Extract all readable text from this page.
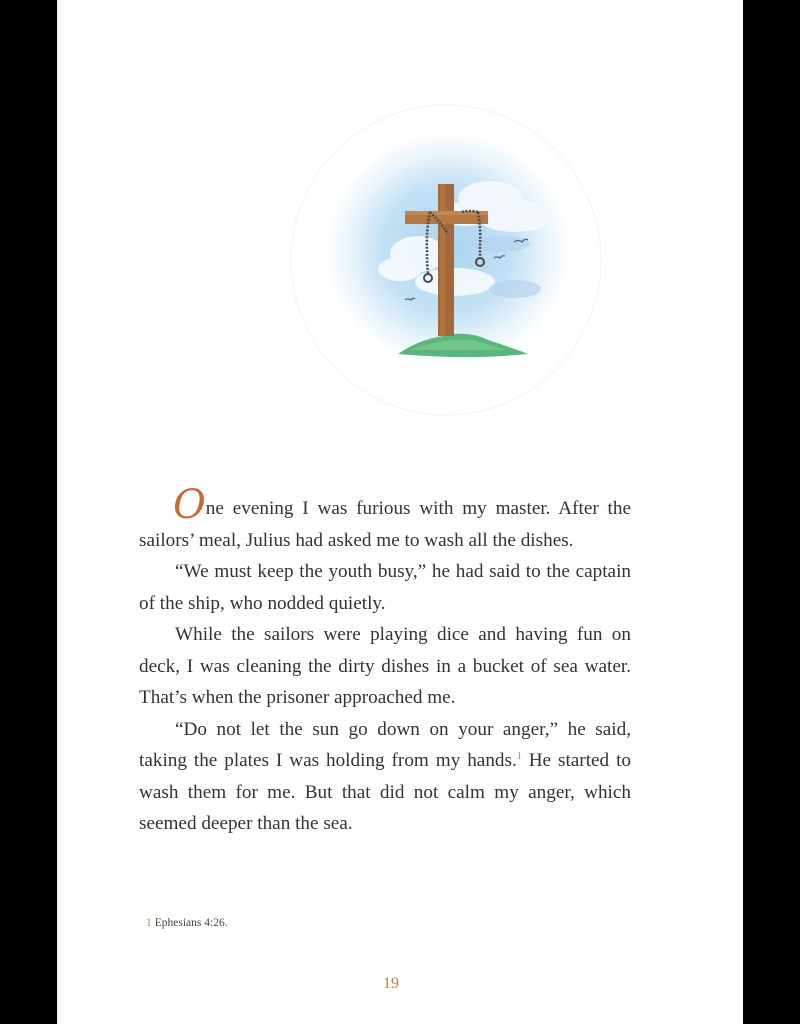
One evening I was furious with my master. After the sailors’ meal, Julius had asked me to wash all the dishes.

“We must keep the youth busy,” he had said to the captain of the ship, who nodded quietly.

While the sailors were playing dice and having fun on deck, I was cleaning the dirty dishes in a bucket of sea water. That’s when the prisoner approached me.

“Do not let the sun go down on your anger,” he said, taking the plates I was holding from my hands.$^1$ He started to wash them for me. But that did not calm my anger, which seemed deeper than the sea.

1 Ephesians 4:26.
19
